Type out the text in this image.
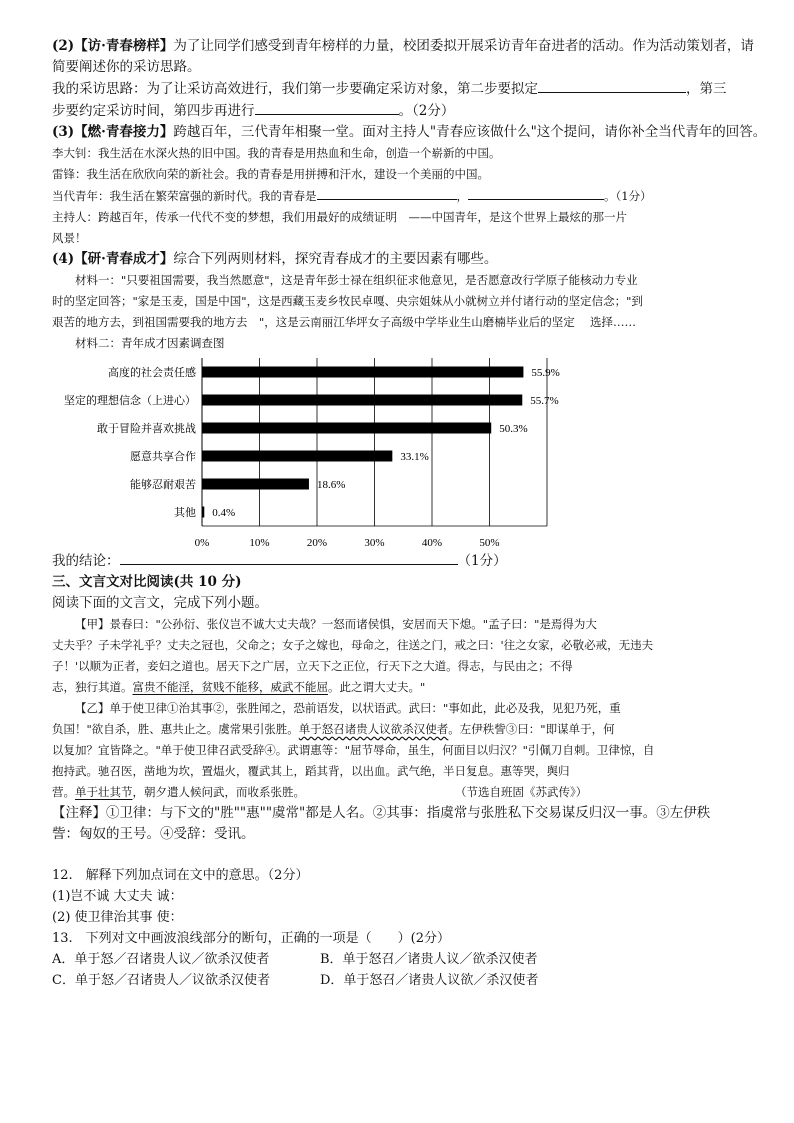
(2)【访·青春榜样】为了让同学们感受到青年榜样的力量，校团委拟开展采访青年奋进者的活动。作为活动策划者，请
简要阐述你的采访思路。
我的采访思路：为了让采访高效进行，我们第一步要确定采访对象，第二步要拟定	，第三
步要约定采访时间，第四步再进行	。（2分）
(3)【燃·青春接力】跨越百年，三代青年相聚一堂。面对主持人"青春应该做什么"这个提问，请你补全当代青年的回答。
李大钊：我生活在水深火热的旧中国。我的青春是用热血和生命，创造一个崭新的中国。
雷锋：我生活在欣欣向荣的新社会。我的青春是用拼搏和汗水，建设一个美丽的中国。
当代青年：我生活在繁荣富强的新时代。我的青春是	，	。（1分）
主持人：跨越百年，传承一代代不变的梦想，我们用最好的成绩证明　——中国青年，是这个世界上最炫的那一片
风景！
(4)【研·青春成才】综合下列两则材料，探究青春成才的主要因素有哪些。
材料一："只要祖国需要，我当然愿意"，这是青年彭士禄在组织征求他意见，是否愿意改行学原子能核动力专业
时的坚定回答；"家是玉麦，国是中国"，这是西藏玉麦乡牧民卓嘎、央宗姐妹从小就树立并付诸行动的坚定信念；"到
艰苦的地方去，到祖国需要我的地方去　"，这是云南丽江华坪女子高级中学毕业生山磨楠毕业后的坚定　 选择……
材料二：青年成才因素调查图
我的结论：	（1分）
三、文言文对比阅读(共 10 分)
阅读下面的文言文，完成下列小题。
【甲】景春曰："公孙衍、张仪岂不诚大丈夫哉？一怒而诸侯惧，安居而天下熄。"孟子曰："是焉得为大
丈夫乎？子未学礼乎？丈夫之冠也，父命之；女子之嫁也，母命之，往送之门，戒之曰：'往之女家，必敬必戒，无违夫
子！'以顺为正者，妾妇之道也。居天下之广居，立天下之正位，行天下之大道。得志，与民由之；不得
志，独行其道。富贵不能淫，贫贱不能移，威武不能屈。此之谓大丈夫。"
【乙】单于使卫律①治其事②，张胜闻之，恐前语发，以状语武。武曰："事如此，此必及我，见犯乃死，重
负国！"欲自杀，胜、惠共止之。虞常果引张胜。单于怒召诸贵人议欲杀汉使者。左伊秩訾③曰："即谋单于，何
以复加？宜皆降之。"单于使卫律召武受辞④。武谓惠等："屈节辱命，虽生，何面目以归汉？"引佩刀自刺。卫律惊，自
抱持武。驰召医，凿地为坎，置煴火，覆武其上，蹈其背，以出血。武气绝，半日复息。惠等哭，舆归
营。单于壮其节，朝夕遣人候问武，而收系张胜。	（节选自班固《苏武传》）
【注释】①卫律：与下文的"胜""惠""虞常"都是人名。②其事：指虞常与张胜私下交易谋反归汉一事。③左伊秩
訾：匈奴的王号。④受辞：受讯。
12.　解释下列加点词在文中的意思。（2分）
(1)岂不诚 大丈夫 诚：
(2) 使卫律治其事 使：
13.　下列对文中画波浪线部分的断句，正确的一项是（　　）(2分）
A．单于怒／召诸贵人议／欲杀汉使者	B．单于怒召／诸贵人议／欲杀汉使者
C．单于怒／召诸贵人／议欲杀汉使者	D．单于怒召／诸贵人议欲／杀汉使者
0%	10%	20%	30%	40%	50%
高度的社会责任感	55.9%
坚定的理想信念（上进心）	55.7%
敢于冒险并喜欢挑战	50.3%
愿意共享合作	33.1%
能够忍耐艰苦	18.6%
其他 0.4%
